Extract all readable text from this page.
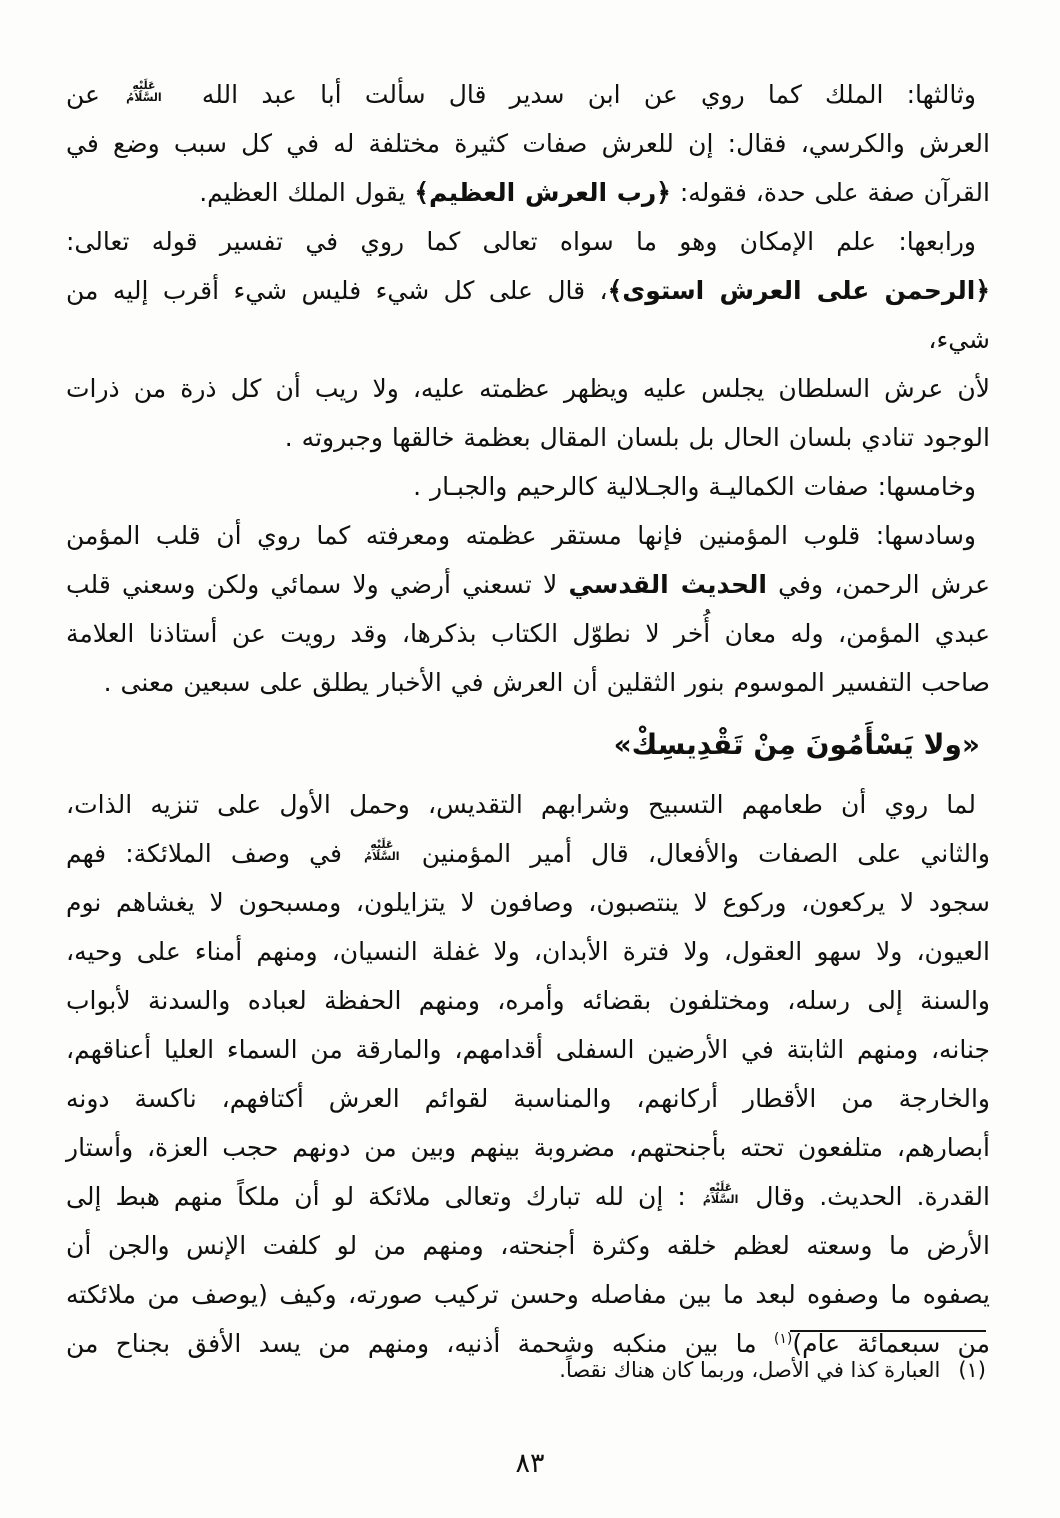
وثالثها: الملك كما روي عن ابن سدير قال سألت أبا عبد الله
عَلَيْهِ
السَّلَامُ
عن
العرش والكرسي، فقال: إن للعرش صفات كثيرة مختلفة له في كل سبب وضع في
القرآن صفة على حدة، فقوله: ﴿رب العرش العظيم﴾ يقول الملك العظيم.
ورابعها: علم الإمكان وهو ما سواه تعالى كما روي في تفسير قوله تعالى:
﴿الرحمن على العرش استوى﴾، قال على كل شيء فليس شيء أقرب إليه من شيء،
لأن عرش السلطان يجلس عليه ويظهر عظمته عليه، ولا ريب أن كل ذرة من ذرات
الوجود تنادي بلسان الحال بل بلسان المقال بعظمة خالقها وجبروته .
وخامسها: صفات الكماليـة والجـلالية كالرحيم والجبـار .
وسادسها: قلوب المؤمنين فإنها مستقر عظمته ومعرفته كما روي أن قلب المؤمن
عرش الرحمن، وفي الحديث القدسي لا تسعني أرضي ولا سمائي ولكن وسعني قلب
عبدي المؤمن، وله معان أُخر لا نطوّل الكتاب بذكرها، وقد رويت عن أستاذنا العلامة
صاحب التفسير الموسوم بنور الثقلين أن العرش في الأخبار يطلق على سبعين معنى .
«ولا يَسْأَمُونَ مِنْ تَقْدِيسِكْ»
لما روي أن طعامهم التسبيح وشرابهم التقديس، وحمل الأول على تنزيه الذات،
والثاني على الصفات والأفعال، قال أمير المؤمنين
عَلَيْهِ
السَّلَامُ
في وصف الملائكة: فهم
سجود لا يركعون، وركوع لا ينتصبون، وصافون لا يتزايلون، ومسبحون لا يغشاهم نوم
العيون، ولا سهو العقول، ولا فترة الأبدان، ولا غفلة النسيان، ومنهم أمناء على وحيه،
والسنة إلى رسله، ومختلفون بقضائه وأمره، ومنهم الحفظة لعباده والسدنة لأبواب
جنانه، ومنهم الثابتة في الأرضين السفلى أقدامهم، والمارقة من السماء العليا أعناقهم،
والخارجة من الأقطار أركانهم، والمناسبة لقوائم العرش أكتافهم، ناكسة دونه
أبصارهم، متلفعون تحته بأجنحتهم، مضروبة بينهم وبين من دونهم حجب العزة، وأستار
القدرة. الحديث. وقال
عَلَيْهِ
السَّلَامُ
: إن لله تبارك وتعالى ملائكة لو أن ملكاً منهم هبط إلى
الأرض ما وسعته لعظم خلقه وكثرة أجنحته، ومنهم من لو كلفت الإنس والجن أن
يصفوه ما وصفوه لبعد ما بين مفاصله وحسن تركيب صورته، وكيف (يوصف من ملائكته
من سبعمائة عام)$^{(١)}$ ما بين منكبه وشحمة أذنيه، ومنهم من يسد الأفق بجناح من
(١)العبارة كذا في الأصل، وربما كان هناك نقصاً.
٨٣
